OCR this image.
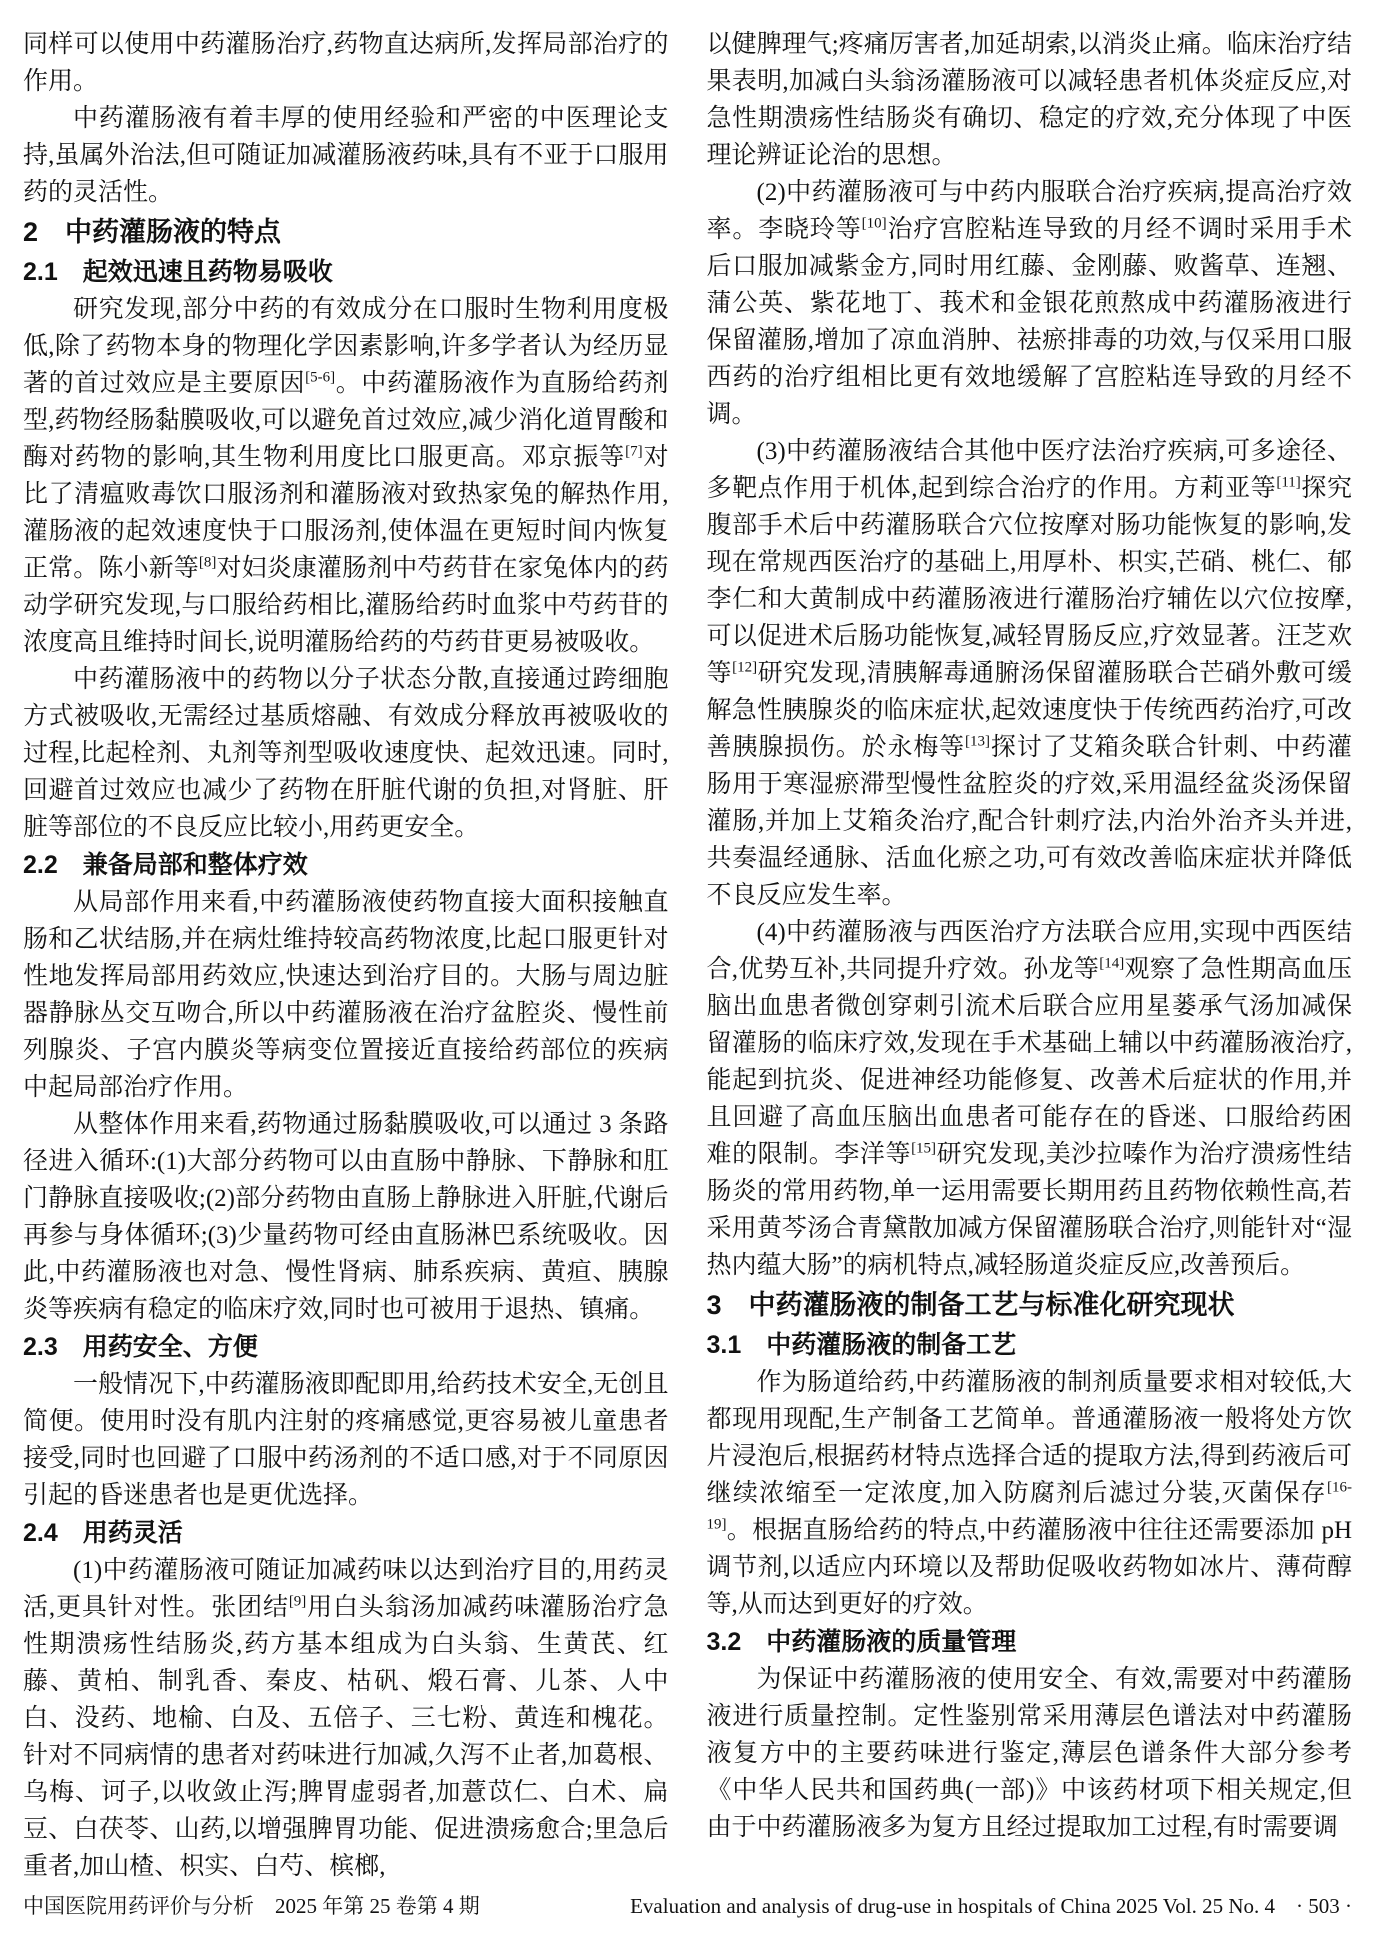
同样可以使用中药灌肠治疗,药物直达病所,发挥局部治疗的作用。

中药灌肠液有着丰厚的使用经验和严密的中医理论支持,虽属外治法,但可随证加减灌肠液药味,具有不亚于口服用药的灵活性。

2　中药灌肠液的特点
2.1　起效迅速且药物易吸收

研究发现,部分中药的有效成分在口服时生物利用度极低,除了药物本身的物理化学因素影响,许多学者认为经历显著的首过效应是主要原因[5-6]。中药灌肠液作为直肠给药剂型,药物经肠黏膜吸收,可以避免首过效应,减少消化道胃酸和酶对药物的影响,其生物利用度比口服更高。邓京振等[7]对比了清瘟败毒饮口服汤剂和灌肠液对致热家兔的解热作用,灌肠液的起效速度快于口服汤剂,使体温在更短时间内恢复正常。陈小新等[8]对妇炎康灌肠剂中芍药苷在家兔体内的药动学研究发现,与口服给药相比,灌肠给药时血浆中芍药苷的浓度高且维持时间长,说明灌肠给药的芍药苷更易被吸收。

中药灌肠液中的药物以分子状态分散,直接通过跨细胞方式被吸收,无需经过基质熔融、有效成分释放再被吸收的过程,比起栓剂、丸剂等剂型吸收速度快、起效迅速。同时,回避首过效应也减少了药物在肝脏代谢的负担,对肾脏、肝脏等部位的不良反应比较小,用药更安全。

2.2　兼备局部和整体疗效

从局部作用来看,中药灌肠液使药物直接大面积接触直肠和乙状结肠,并在病灶维持较高药物浓度,比起口服更针对性地发挥局部用药效应,快速达到治疗目的。大肠与周边脏器静脉丛交互吻合,所以中药灌肠液在治疗盆腔炎、慢性前列腺炎、子宫内膜炎等病变位置接近直接给药部位的疾病中起局部治疗作用。

从整体作用来看,药物通过肠黏膜吸收,可以通过 3 条路径进入循环:(1)大部分药物可以由直肠中静脉、下静脉和肛门静脉直接吸收;(2)部分药物由直肠上静脉进入肝脏,代谢后再参与身体循环;(3)少量药物可经由直肠淋巴系统吸收。因此,中药灌肠液也对急、慢性肾病、肺系疾病、黄疸、胰腺炎等疾病有稳定的临床疗效,同时也可被用于退热、镇痛。

2.3　用药安全、方便

一般情况下,中药灌肠液即配即用,给药技术安全,无创且简便。使用时没有肌内注射的疼痛感觉,更容易被儿童患者接受,同时也回避了口服中药汤剂的不适口感,对于不同原因引起的昏迷患者也是更优选择。

2.4　用药灵活

(1)中药灌肠液可随证加减药味以达到治疗目的,用药灵活,更具针对性。张团结[9]用白头翁汤加减药味灌肠治疗急性期溃疡性结肠炎,药方基本组成为白头翁、生黄芪、红藤、黄柏、制乳香、秦皮、枯矾、煅石膏、儿茶、人中白、没药、地榆、白及、五倍子、三七粉、黄连和槐花。针对不同病情的患者对药味进行加减,久泻不止者,加葛根、乌梅、诃子,以收敛止泻;脾胃虚弱者,加薏苡仁、白术、扁豆、白茯苓、山药,以增强脾胃功能、促进溃疡愈合;里急后重者,加山楂、枳实、白芍、槟榔,

以健脾理气;疼痛厉害者,加延胡索,以消炎止痛。临床治疗结果表明,加减白头翁汤灌肠液可以减轻患者机体炎症反应,对急性期溃疡性结肠炎有确切、稳定的疗效,充分体现了中医理论辨证论治的思想。

(2)中药灌肠液可与中药内服联合治疗疾病,提高治疗效率。李晓玲等[10]治疗宫腔粘连导致的月经不调时采用手术后口服加减紫金方,同时用红藤、金刚藤、败酱草、连翘、蒲公英、紫花地丁、莪术和金银花煎熬成中药灌肠液进行保留灌肠,增加了凉血消肿、祛瘀排毒的功效,与仅采用口服西药的治疗组相比更有效地缓解了宫腔粘连导致的月经不调。

(3)中药灌肠液结合其他中医疗法治疗疾病,可多途径、多靶点作用于机体,起到综合治疗的作用。方莉亚等[11]探究腹部手术后中药灌肠联合穴位按摩对肠功能恢复的影响,发现在常规西医治疗的基础上,用厚朴、枳实,芒硝、桃仁、郁李仁和大黄制成中药灌肠液进行灌肠治疗辅佐以穴位按摩,可以促进术后肠功能恢复,减轻胃肠反应,疗效显著。汪芝欢等[12]研究发现,清胰解毒通腑汤保留灌肠联合芒硝外敷可缓解急性胰腺炎的临床症状,起效速度快于传统西药治疗,可改善胰腺损伤。於永梅等[13]探讨了艾箱灸联合针刺、中药灌肠用于寒湿瘀滞型慢性盆腔炎的疗效,采用温经盆炎汤保留灌肠,并加上艾箱灸治疗,配合针刺疗法,内治外治齐头并进,共奏温经通脉、活血化瘀之功,可有效改善临床症状并降低不良反应发生率。

(4)中药灌肠液与西医治疗方法联合应用,实现中西医结合,优势互补,共同提升疗效。孙龙等[14]观察了急性期高血压脑出血患者微创穿刺引流术后联合应用星蒌承气汤加减保留灌肠的临床疗效,发现在手术基础上辅以中药灌肠液治疗,能起到抗炎、促进神经功能修复、改善术后症状的作用,并且回避了高血压脑出血患者可能存在的昏迷、口服给药困难的限制。李洋等[15]研究发现,美沙拉嗪作为治疗溃疡性结肠炎的常用药物,单一运用需要长期用药且药物依赖性高,若采用黄芩汤合青黛散加减方保留灌肠联合治疗,则能针对“湿热内蕴大肠”的病机特点,减轻肠道炎症反应,改善预后。

3　中药灌肠液的制备工艺与标准化研究现状
3.1　中药灌肠液的制备工艺

作为肠道给药,中药灌肠液的制剂质量要求相对较低,大都现用现配,生产制备工艺简单。普通灌肠液一般将处方饮片浸泡后,根据药材特点选择合适的提取方法,得到药液后可继续浓缩至一定浓度,加入防腐剂后滤过分装,灭菌保存[16-19]。根据直肠给药的特点,中药灌肠液中往往还需要添加 pH 调节剂,以适应内环境以及帮助促吸收药物如冰片、薄荷醇等,从而达到更好的疗效。

3.2　中药灌肠液的质量管理

为保证中药灌肠液的使用安全、有效,需要对中药灌肠液进行质量控制。定性鉴别常采用薄层色谱法对中药灌肠液复方中的主要药味进行鉴定,薄层色谱条件大部分参考《中华人民共和国药典(一部)》中该药材项下相关规定,但由于中药灌肠液多为复方且经过提取加工过程,有时需要调

中国医院用药评价与分析　2025 年第 25 卷第 4 期	Evaluation and analysis of drug-use in hospitals of China 2025 Vol. 25 No. 4　· 503 ·
